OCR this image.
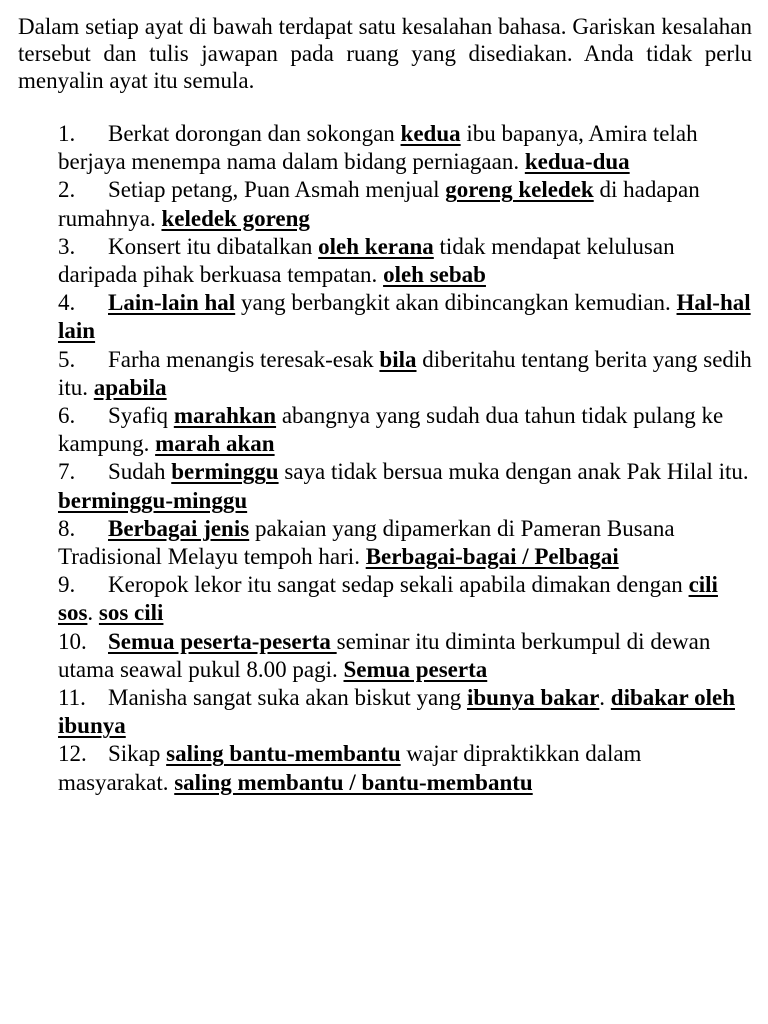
Dalam setiap ayat di bawah terdapat satu kesalahan bahasa. Gariskan kesalahan tersebut dan tulis jawapan pada ruang yang disediakan. Anda tidak perlu menyalin ayat itu semula.

1. Berkat dorongan dan sokongan kedua ibu bapanya, Amira telah berjaya menempa nama dalam bidang perniagaan. kedua-dua

2. Setiap petang, Puan Asmah menjual goreng keledek di hadapan rumahnya. keledek goreng

3. Konsert itu dibatalkan oleh kerana tidak mendapat kelulusan daripada pihak berkuasa tempatan. oleh sebab

4. Lain-lain hal yang berbangkit akan dibincangkan kemudian. Hal-hal lain

5. Farha menangis teresak-esak bila diberitahu tentang berita yang sedih itu. apabila

6. Syafiq marahkan abangnya yang sudah dua tahun tidak pulang ke kampung. marah akan

7. Sudah berminggu saya tidak bersua muka dengan anak Pak Hilal itu. berminggu-minggu

8. Berbagai jenis pakaian yang dipamerkan di Pameran Busana Tradisional Melayu tempoh hari. Berbagai-bagai / Pelbagai

9. Keropok lekor itu sangat sedap sekali apabila dimakan dengan cili sos. sos cili

10. Semua peserta-peserta seminar itu diminta berkumpul di dewan utama seawal pukul 8.00 pagi. Semua peserta

11. Manisha sangat suka akan biskut yang ibunya bakar. dibakar oleh ibunya

12. Sikap saling bantu-membantu wajar dipraktikkan dalam masyarakat. saling membantu / bantu-membantu
